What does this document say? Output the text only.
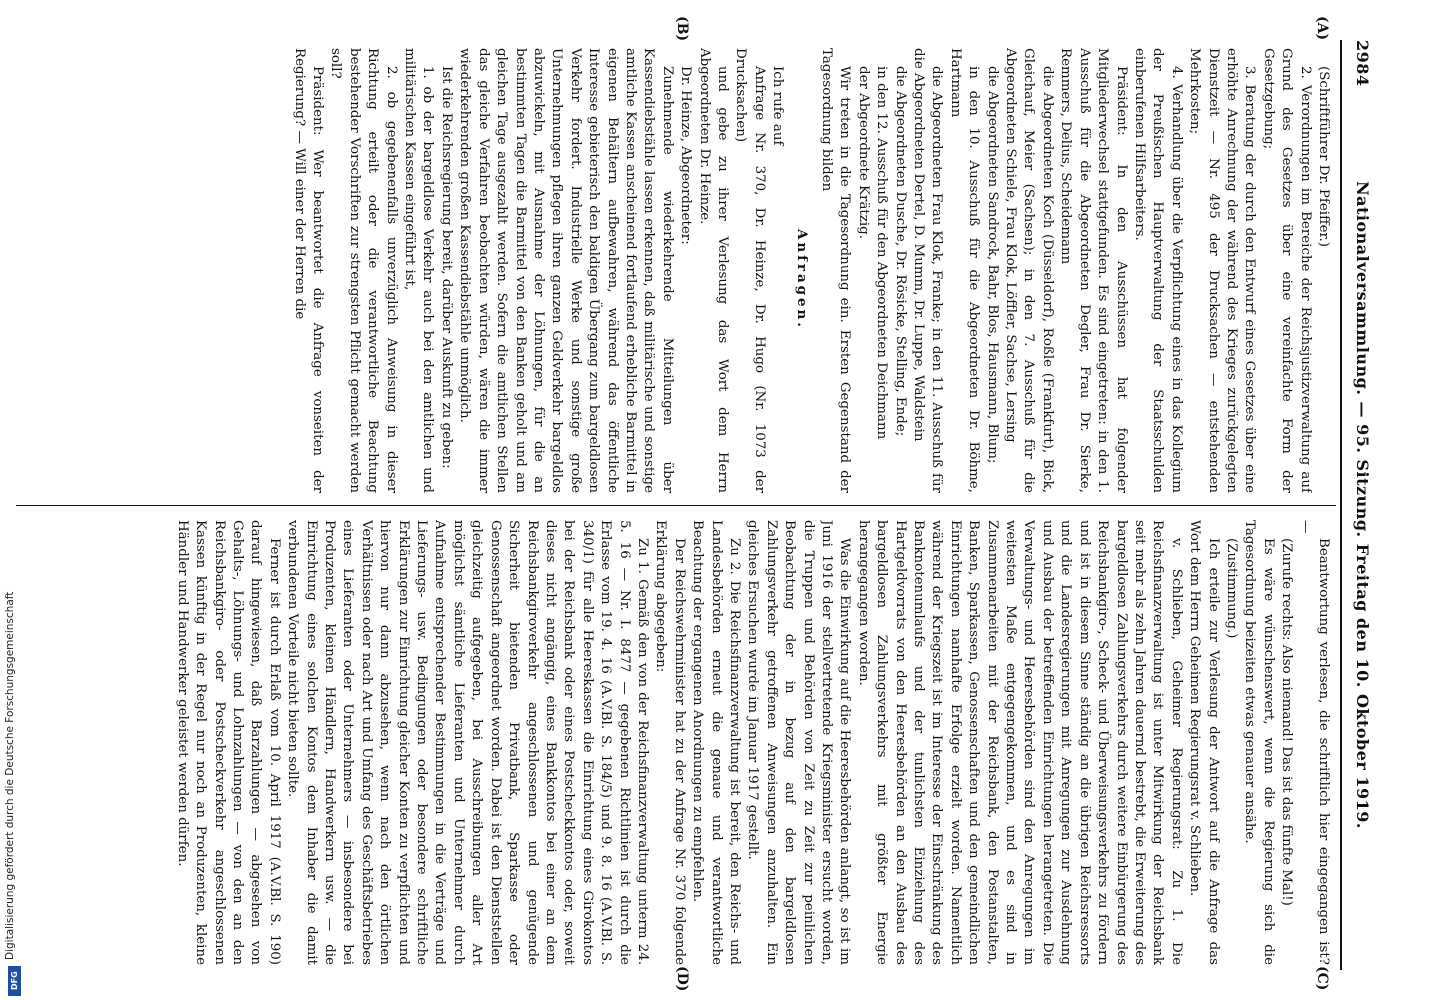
2984
Nationalversammlung. — 95. Sitzung. Freitag den 10. Oktober 1919.
(A)
(B)
(C)
(D)

(Schriftführer Dr. Pfeiffer.)

2. Verordnungen im Bereiche der Reichsjustizverwaltung auf Grund des Gesetzes über eine vereinfachte Form der Gesetzgebung;

3. Beratung der durch den Entwurf eines Gesetzes über eine erhöhte Anrechnung der während des Krieges zurückgelegten Dienstzeit — Nr. 495 der Drucksachen — entstehenden Mehrkosten;

4. Verhandlung über die Verpflichtung eines in das Kollegium der Preußischen Hauptverwaltung der Staatsschulden einberufenen Hilfsarbeiters.

Präsident: In den Ausschüssen hat folgender Mitgliederwechsel stattgefunden. Es sind eingetreten: in den 1. Ausschuß für die Abgeordneten Degler, Frau Dr. Sierke, Remmers, Delius, Scheidemann

die Abgeordneten Koch (Düsseldorf), Roßle (Frankfurt), Bick, Gleichauf, Meier (Sachsen); in den 7. Ausschuß für die Abgeordneten Schiele, Frau Klok, Löffler, Sachse, Lersing

die Abgeordneten Sandrock, Bahr, Blos, Hausmann, Blum;

in den 10. Ausschuß für die Abgeordneten Dr. Böhme, Hartmann

die Abgeordneten Frau Klok, Franke; in den 11. Ausschuß für die Abgeordneten Dertel, D. Mumm, Dr. Luppe, Waldstein

die Abgeordneten Dusche, Dr. Rösicke, Stelling, Ende;

in den 12. Ausschuß für den Abgeordneten Deichmann

der Abgeordnete Krätzig.

Wir treten in die Tagesordnung ein. Ersten Gegenstand der Tagesordnung bilden

Anfragen.

Ich rufe auf

Anfrage Nr. 370, Dr. Heinze, Dr. Hugo (Nr. 1073 der Drucksachen)

und gebe zu ihrer Verlesung das Wort dem Herrn Abgeordneten Dr. Heinze.

Dr. Heinze, Abgeordneter:

Zunehmende wiederkehrende Mitteilungen über Kassendiebstähle lassen erkennen, daß militärische und sonstige amtliche Kassen anscheinend fortlaufend erhebliche Barmittel in eigenen Behältern aufbewahren, während das öffentliche Interesse gebieterisch den baldigen Übergang zum bargeldlosen Verkehr fordert. Industrielle Werke und sonstige große Unternehmungen pflegen ihren ganzen Geldverkehr bargeldlos abzuwickeln, mit Ausnahme der Löhnungen, für die an bestimmten Tagen die Barmittel von den Banken geholt und am gleichen Tage ausgezahlt werden. Sofern die amtlichen Stellen das gleiche Verfahren beobachten würden, wären die immer wiederkehrenden großen Kassendiebstähle unmöglich.

Ist die Reichsregierung bereit, darüber Auskunft zu geben:

1. ob der bargeldlose Verkehr auch bei den amtlichen und militärischen Kassen eingeführt ist,

2. ob gegebenenfalls unverzüglich Anweisung in dieser Richtung erteilt oder die verantwortliche Beachtung bestehender Vorschriften zur strengsten Pflicht gemacht werden soll?

Präsident: Wer beantwortet die Anfrage vonseiten der Regierung? — Will einer der Herren die

Beantwortung verlesen, die schriftlich hier eingegangen ist? —

(Zurufe rechts: Also niemand! Das ist das fünfte Mal!)

Es wäre wünschenswert, wenn die Regierung sich die Tagesordnung beizeiten etwas genauer ansähe.

(Zustimmung.)

Ich erteile zur Verlesung der Antwort auf die Anfrage das Wort dem Herrn Geheimen Regierungsrat v. Schlieben.

v. Schlieben, Geheimer Regierungsrat: Zu 1. Die Reichsfinanzverwaltung ist unter Mitwirkung der Reichsbank seit mehr als zehn Jahren dauernd bestrebt, die Erweiterung des bargeldlosen Zahlungsverkehrs durch weitere Einbürgerung des Reichsbankgiro-, Scheck- und Überweisungsverkehrs zu fördern und ist in diesem Sinne ständig an die übrigen Reichsressorts und die Landesregierungen mit Anregungen zur Ausdehnung und Ausbau der betreffenden Einrichtungen herangetreten. Die Verwaltungs- und Heeresbehörden sind den Anregungen im weitesten Maße entgegengekommen, und es sind in Zusammenarbeiten mit der Reichsbank, den Postanstalten, Banken, Sparkassen, Genossenschaften und den gemeindlichen Einrichtungen namhafte Erfolge erzielt worden. Namentlich während der Kriegszeit ist im Interesse der Einschränkung des Banknotenumlaufs und der tunlichsten Einziehung des Hartgeldvorrats von den Heeresbehörden an den Ausbau des bargeldlosen Zahlungsverkehrs mit größter Energie herangegangen worden.

Was die Einwirkung auf die Heeresbehörden anlangt, so ist im Juni 1916 der stellvertretende Kriegsminister ersucht worden, die Truppen und Behörden von Zeit zu Zeit zur peinlichen Beobachtung der in bezug auf den bargeldlosen Zahlungsverkehr getroffenen Anweisungen anzuhalten. Ein gleiches Ersuchen wurde im Januar 1917 gestellt.

Zu 2. Die Reichsfinanzverwaltung ist bereit, den Reichs- und Landesbehörden erneut die genaue und verantwortliche Beachtung der ergangenen Anordnungen zu empfehlen.

Der Reichswehrminister hat zu der Anfrage Nr. 370 folgende Erklärung abgegeben:

Zu 1. Gemäß den von der Reichsfinanzverwaltung unterm 24. 5. 16 — Nr. I. 8477 — gegebenen Richtlinien ist durch die Erlasse vom 19. 4. 16 (A.V.Bl. S. 184/5) und 9. 8. 16 (A.V.Bl. S. 340/1) für alle Heereskassen die Einrichtung eines Girokontos bei der Reichsbank oder eines Postscheckkontos oder, soweit dieses nicht angängig, eines Bankkontos bei einer an dem Reichsbankgiroverkehr angeschlossenen und genügende Sicherheit bietenden Privatbank, Sparkasse oder Genossenschaft angeordnet worden. Dabei ist den Dienststellen gleichzeitig aufgegeben, bei Ausschreibungen aller Art möglichst sämtliche Lieferanten und Unternehmer durch Aufnahme entsprechender Bestimmungen in die Verträge und Lieferungs- usw. Bedingungen oder besondere schriftliche Erklärungen zur Einrichtung gleicher Konten zu verpflichten und hiervon nur dann abzusehen, wenn nach den örtlichen Verhältnissen oder nach Art und Umfang des Geschäftsbetriebes eines Lieferanten oder Unternehmers — insbesondere bei Produzenten, kleinen Händlern, Handwerkern usw. — die Einrichtung eines solchen Kontos dem Inhaber die damit verbundenen Vorteile nicht bieten sollte.

Ferner ist durch Erlaß vom 10. April 1917 (A.V.Bl. S. 190) darauf hingewiesen, daß Barzahlungen — abgesehen von Gehalts-, Löhnungs- und Lohnzahlungen — von den an den Reichsbankgiro- oder Postscheckverkehr angeschlossenen Kassen künftig in der Regel nur noch an Produzenten, kleine Händler und Handwerker geleistet werden dürfen.

Digitalisierung gefördert durch die Deutsche Forschungsgemeinschaft
DFG
